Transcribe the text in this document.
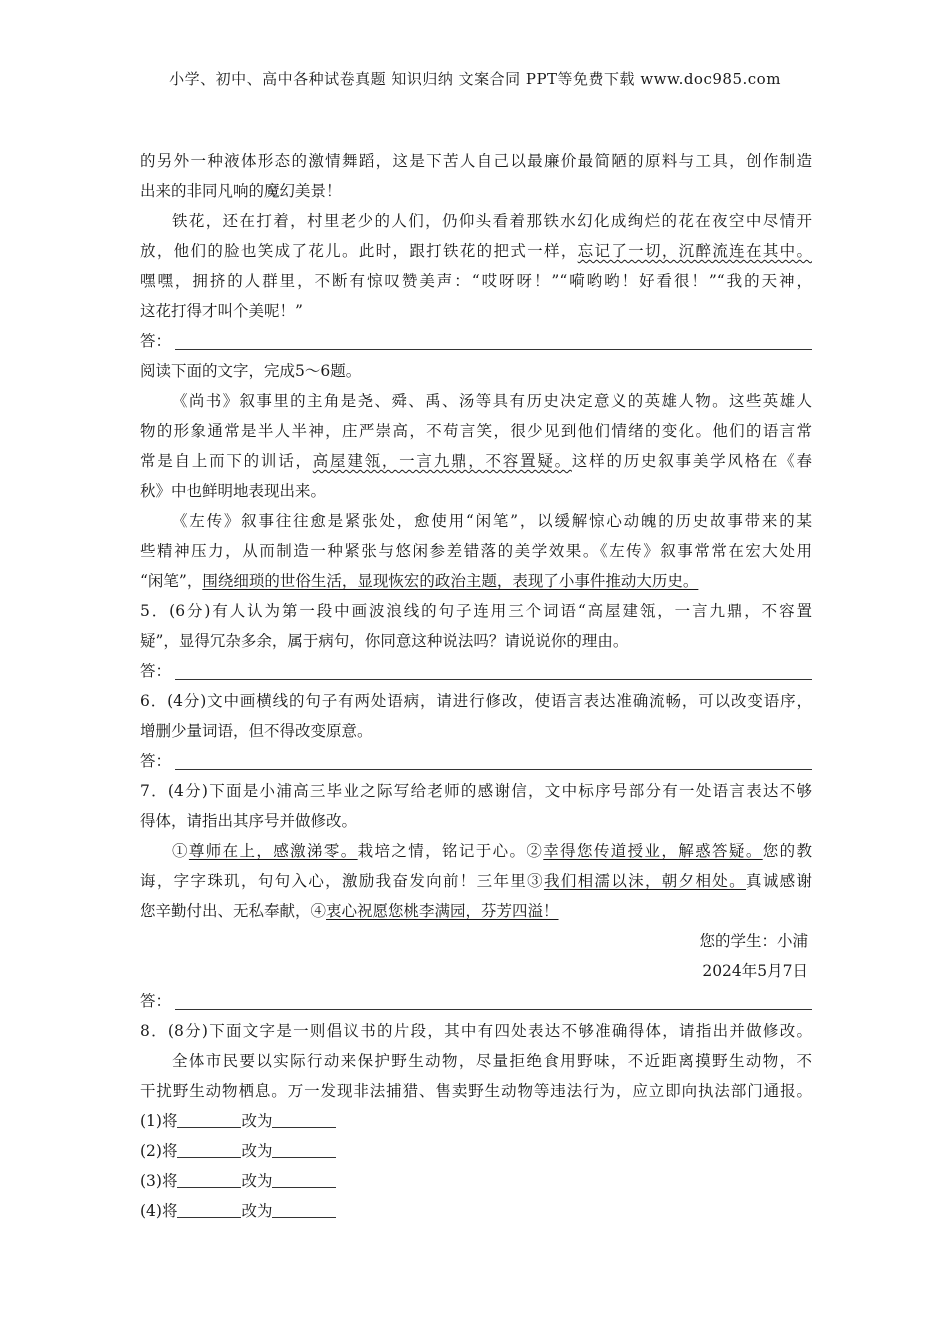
小学、初中、高中各种试卷真题 知识归纳 文案合同 PPT等免费下载 www.doc985.com
的另外一种液体形态的激情舞蹈，这是下苦人自己以最廉价最简陋的原料与工具，创作制造
出来的非同凡响的魔幻美景！
铁花，还在打着，村里老少的人们，仍仰头看着那铁水幻化成绚烂的花在夜空中尽情开
放，他们的脸也笑成了花儿。此时，跟打铁花的把式一样，忘记了一切，沉醉流连在其中。
嘿嘿，拥挤的人群里，不断有惊叹赞美声：“哎呀呀！”“嗬哟哟！好看很！”“我的天神，
这花打得才叫个美呢！”
答：
阅读下面的文字，完成5～6题。
《尚书》叙事里的主角是尧、舜、禹、汤等具有历史决定意义的英雄人物。这些英雄人
物的形象通常是半人半神，庄严崇高，不苟言笑，很少见到他们情绪的变化。他们的语言常
常是自上而下的训话，高屋建瓴，一言九鼎，不容置疑。这样的历史叙事美学风格在《春
秋》中也鲜明地表现出来。
《左传》叙事往往愈是紧张处，愈使用“闲笔”，以缓解惊心动魄的历史故事带来的某
些精神压力，从而制造一种紧张与悠闲参差错落的美学效果。《左传》叙事常常在宏大处用
“闲笔”，围绕细琐的世俗生活，显现恢宏的政治主题，表现了小事件推动大历史。
5．(6分)有人认为第一段中画波浪线的句子连用三个词语“高屋建瓴，一言九鼎，不容置
疑”，显得冗杂多余，属于病句，你同意这种说法吗？请说说你的理由。
答：
6．(4分)文中画横线的句子有两处语病，请进行修改，使语言表达准确流畅，可以改变语序，
增删少量词语，但不得改变原意。
答：
7．(4分)下面是小浦高三毕业之际写给老师的感谢信，文中标序号部分有一处语言表达不够
得体，请指出其序号并做修改。
①尊师在上，感激涕零。栽培之情，铭记于心。②幸得您传道授业，解惑答疑。您的教
诲，字字珠玑，句句入心，激励我奋发向前！三年里③我们相濡以沫，朝夕相处。真诚感谢
您辛勤付出、无私奉献，④衷心祝愿您桃李满园，芬芳四溢！
您的学生：小浦
2024年5月7日
答：
8．(8分)下面文字是一则倡议书的片段，其中有四处表达不够准确得体，请指出并做修改。
全体市民要以实际行动来保护野生动物，尽量拒绝食用野味，不近距离摸野生动物，不
干扰野生动物栖息。万一发现非法捕猎、售卖野生动物等违法行为，应立即向执法部门通报。
(1)将	改为
(2)将	改为
(3)将	改为
(4)将	改为
